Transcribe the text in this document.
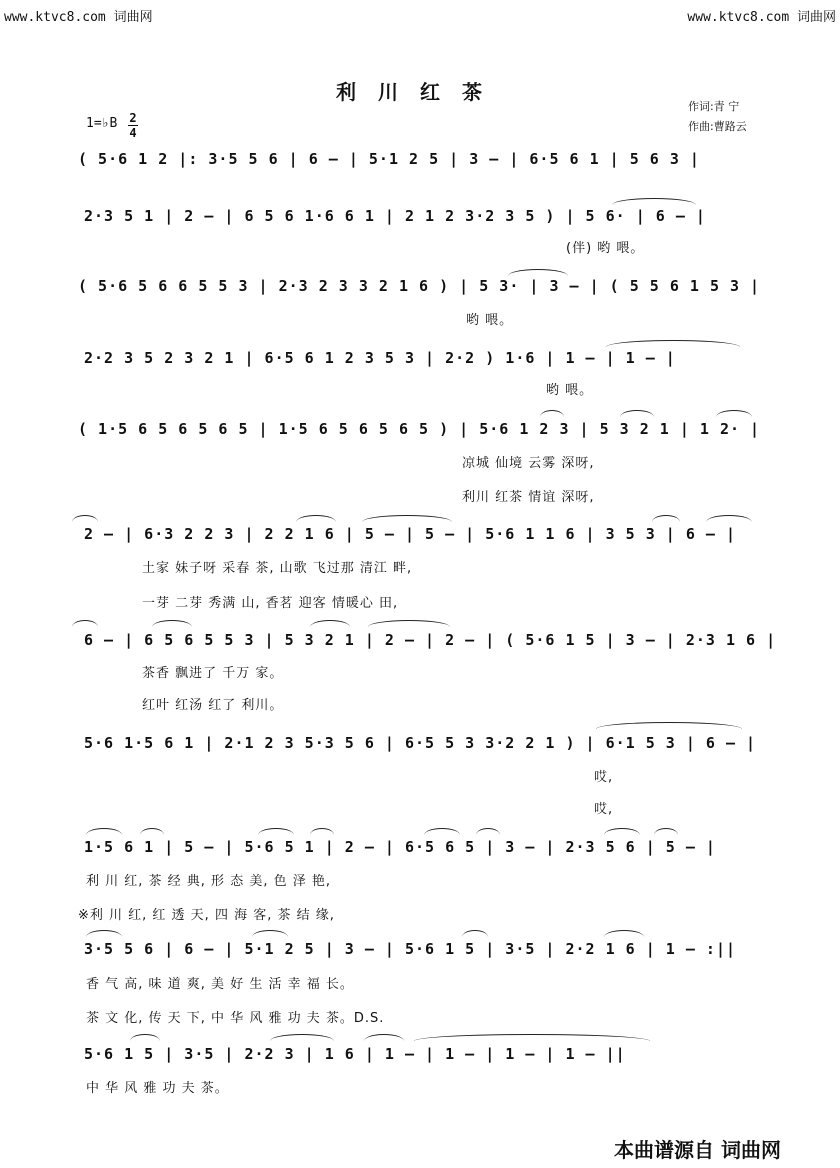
www.ktvc8.com 词曲网	www.ktvc8.com 词曲网
利川红茶
作词:青 宁
作曲:曹路云
1=♭B 2
4
( 5·6 1 2 |: 3·5 5 6 | 6 – | 5·1 2 5 | 3 – | 6·5 6 1 | 5 6 3 |
2·3 5 1 | 2 – | 6 5 6 1·6 6 1 | 2 1 2 3·2 3 5 ) | 5 6· | 6 – |
(伴) 哟 喂。
( 5·6 5 6 6 5 5 3 | 2·3 2 3 3 2 1 6 ) | 5 3· | 3 – | ( 5 5 6 1 5 3 |
哟 喂。
2·2 3 5 2 3 2 1 | 6·5 6 1 2 3 5 3 | 2·2 ) 1·6 | 1 – | 1 – |
哟 喂。
( 1·5 6 5 6 5 6 5 | 1·5 6 5 6 5 6 5 ) | 5·6 1 2 3 | 5 3 2 1 | 1 2· |
凉城 仙境 云雾 深呀,
利川 红茶 情谊 深呀,
2 – | 6·3 2 2 3 | 2 2 1 6 | 5 – | 5 – | 5·6 1 1 6 | 3 5 3 | 6 – |
土家 妹子呀 采春 茶, 山歌 飞过那 清江 畔,
一芽 二芽 秀满 山, 香茗 迎客 情暖心 田,
6 – | 6 5 6 5 5 3 | 5 3 2 1 | 2 – | 2 – | ( 5·6 1 5 | 3 – | 2·3 1 6 |
茶香 飘进了 千万 家。
红叶 红汤 红了 利川。
5·6 1·5 6 1 | 2·1 2 3 5·3 5 6 | 6·5 5 3 3·2 2 1 ) | 6·1 5 3 | 6 – |
哎,
哎,
1·5 6 1 | 5 – | 5·6 5 1 | 2 – | 6·5 6 5 | 3 – | 2·3 5 6 | 5 – |
利 川 红, 茶 经 典, 形 态 美, 色 泽 艳,
※利 川 红, 红 透 天, 四 海 客, 茶 结 缘,
3·5 5 6 | 6 – | 5·1 2 5 | 3 – | 5·6 1 5 | 3·5 | 2·2 1 6 | 1 – :||
香 气 高, 味 道 爽, 美 好 生 活 幸 福 长。
茶 文 化, 传 天 下, 中 华 风 雅 功 夫 茶。D.S.
5·6 1 5 | 3·5 | 2·2 3 | 1 6 | 1 – | 1 – | 1 – | 1 – ||
中 华 风 雅 功 夫 茶。
本曲谱源自 词曲网
